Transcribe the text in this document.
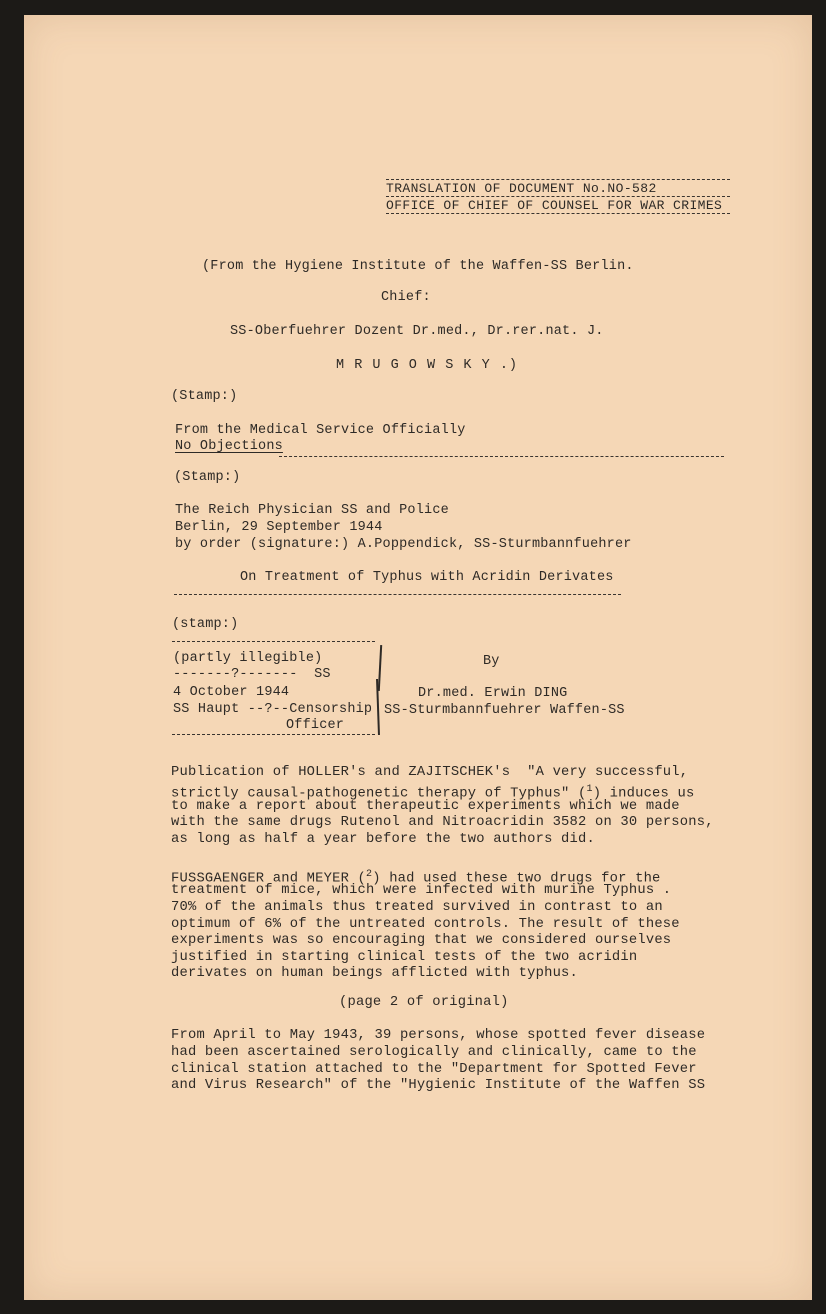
TRANSLATION OF DOCUMENT No.NO-582
OFFICE OF CHIEF OF COUNSEL FOR WAR CRIMES
(From the Hygiene Institute of the Waffen-SS Berlin.
Chief:
SS-Oberfuehrer Dozent Dr.med., Dr.rer.nat. J.
M R U G O W S K Y .)
(Stamp:)
From the Medical Service Officially
No Objections
(Stamp:)
The Reich Physician SS and Police
Berlin, 29 September 1944
by order (signature:) A.Poppendick, SS-Sturmbannfuehrer
On Treatment of Typhus with Acridin Derivates
(stamp:)
(partly illegible)
-------?-------  SS
4 October 1944
SS Haupt --?--Censorship
Officer
By
Dr.med. Erwin DING
SS-Sturmbannfuehrer Waffen-SS
Publication of HOLLER's and ZAJITSCHEK's  "A very successful,
strictly causal-pathogenetic therapy of Typhus" ($^1$) induces us
to make a report about therapeutic experiments which we made
with the same drugs Rutenol and Nitroacridin 3582 on 30 persons,
as long as half a year before the two authors did.
FUSSGAENGER and MEYER ($^2$) had used these two drugs for the
treatment of mice, which were infected with murine Typhus .
70% of the animals thus treated survived in contrast to an
optimum of 6% of the untreated controls. The result of these
experiments was so encouraging that we considered ourselves
justified in starting clinical tests of the two acridin
derivates on human beings afflicted with typhus.
(page 2 of original)
From April to May 1943, 39 persons, whose spotted fever disease
had been ascertained serologically and clinically, came to the
clinical station attached to the "Department for Spotted Fever
and Virus Research" of the "Hygienic Institute of the Waffen SS
